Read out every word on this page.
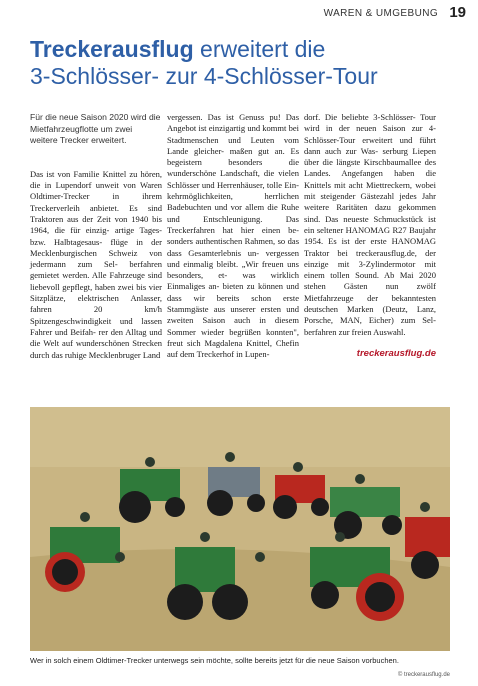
WAREN & UMGEBUNG 19
Treckerausflug erweitert die
3-Schlösser- zur 4-Schlösser-Tour
Für die neue Saison 2020 wird die Mietfahrzeugflotte um zwei weitere Trecker erweitert.

Das ist von Familie Knittel zu hören, die in Lupendorf unweit von Waren Oldtimer-Trecker in ihrem Treckerverleih anbietet. Es sind Traktoren aus der Zeit von 1940 bis 1964, die für einzig- artige Tages- bzw. Halbtagesaus- flüge in der Mecklenburgischen Schweiz von jedermann zum Sel- berfahren gemietet werden. Alle Fahrzeuge sind liebevoll gepflegt, haben zwei bis vier Sitzplätze, elektrischen Anlasser, fahren 20 km/h Spitzengeschwindigkeit und lassen Fahrer und Beifah- rer den Alltag und die Welt auf wunderschönen Strecken durch das ruhige Mecklenbruger Land

vergessen. Das ist Genuss pu! Das Angebot ist einzigartig und kommt bei Stadtmenschen und Leuten vom Lande gleicher- maßen gut an. Es begeistern besonders die wunderschöne Landschaft, die vielen Schlösser und Herrenhäuser, tolle Ein- kehrmöglichkeiten, herrlichen Badebuchten und vor allem die Ruhe und Entschleunigung. Das Treckerfahren hat hier einen be- sonders authentischen Rahmen, so das dass Gesamterlebnis un- vergessen und einmalig bleibt. „Wir freuen uns besonders, et- was wirklich Einmaliges an- bieten zu können und dass wir bereits schon erste Stammgäste aus unserer ersten und zweiten Saison auch in diesem Sommer wieder begrüßen konnten", freut sich Magdalena Knittel, Chefin auf dem Treckerhof in Lupen-

dorf. Die beliebte 3-Schlösser- Tour wird in der neuen Saison zur 4-Schlösser-Tour erweitert und führt dann auch zur Was- serburg Liepen über die längste Kirschbaumallee des Landes. Angefangen haben die Knittels mit acht Miettreckern, wobei mit steigender Gästezahl jedes Jahr weitere Raritäten dazu gekommen sind. Das neueste Schmuckstück ist ein seltener HANOMAG R27 Baujahr 1954. Es ist der erste HANOMAG Traktor bei treckerausflug.de, der einzige mit 3-Zylindermotor mit einem tollen Sound. Ab Mai 2020 stehen Gästen nun zwölf Mietfahrzeuge der bekanntesten deutschen Marken (Deutz, Lanz, Porsche, MAN, Eicher) zum Sel- berfahren zur freien Auswahl.

treckerausflug.de
Wer in solch einem Oldtimer-Trecker unterwegs sein möchte, sollte bereits jetzt für die neue Saison vorbuchen.
© treckerausflug.de
